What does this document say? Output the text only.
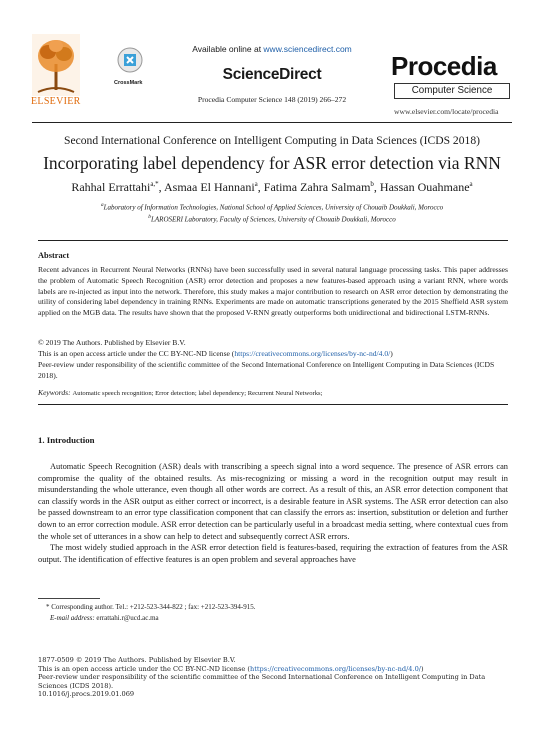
ELSEVIER
CrossMark
Available online at www.sciencedirect.com
ScienceDirect
Procedia Computer Science 148 (2019) 266–272
Procedia
Computer Science
www.elsevier.com/locate/procedia
Second International Conference on Intelligent Computing in Data Sciences (ICDS 2018)
Incorporating label dependency for ASR error detection via RNN
Rahhal Errattahi$^{a,*}$, Asmaa El Hannani$^a$, Fatima Zahra Salmam$^b$, Hassan Ouahmane$^a$
$^a$Laboratory of Information Technologies, National School of Applied Sciences, University of Chouaib Doukkali, Morocco
$^b$LAROSERI Laboratory, Faculty of Sciences, University of Chouaib Doukkali, Morocco
Abstract
Recent advances in Recurrent Neural Networks (RNNs) have been successfully used in several natural language processing tasks. This paper addresses the problem of Automatic Speech Recognition (ASR) error detection and proposes a new features-based approach using a variant RNN, where words labels are re-injected as input into the network. Therefore, this study makes a major contribution to research on ASR error detection by demonstrating the utility of considering label dependency in training RNNs. Experiments are made on automatic transcriptions generated by the 2015 Sheffield ASR system applied on the MGB data. The results have shown that the proposed V-RNN greatly outperforms both unidirectional and bidirectional LSTM-RNNs.
© 2019 The Authors. Published by Elsevier B.V.
This is an open access article under the CC BY-NC-ND license (https://creativecommons.org/licenses/by-nc-nd/4.0/)
Peer-review under responsibility of the scientific committee of the Second International Conference on Intelligent Computing in Data Sciences (ICDS 2018).
Keywords: Automatic speech recognition; Error detection; label dependency; Recurrent Neural Networks;
1. Introduction

Automatic Speech Recognition (ASR) deals with transcribing a speech signal into a word sequence. The presence of ASR errors can compromise the quality of the obtained results. As mis-recognizing or missing a word in the recognition output may result in misunderstanding the whole utterance, even though all other words are correct. As a result of this, an ASR error detection component that can classify words in the ASR output as either correct or incorrect, is a desirable feature in ASR systems. The ASR error detection can also be passed downstream to an error type classification component that can classify the errors as: insertion, substitution or deletion and further down to an error correction module. ASR error detection can be particularly useful in a broadcast media setting, where contextual cues from the whole set of utterances in a show can help to detect and subsequently correct ASR errors.

The most widely studied approach in the ASR error detection field is features-based, requiring the extraction of features from the ASR output. The identification of effective features is an open problem and several approaches have

* Corresponding author. Tel.: +212-523-344-822 ; fax: +212-523-394-915.
E-mail address: errattahi.r@ucd.ac.ma
1877-0509 © 2019 The Authors. Published by Elsevier B.V.
This is an open access article under the CC BY-NC-ND license (https://creativecommons.org/licenses/by-nc-nd/4.0/)
Peer-review under responsibility of the scientific committee of the Second International Conference on Intelligent Computing in Data Sciences (ICDS 2018).
10.1016/j.procs.2019.01.069
